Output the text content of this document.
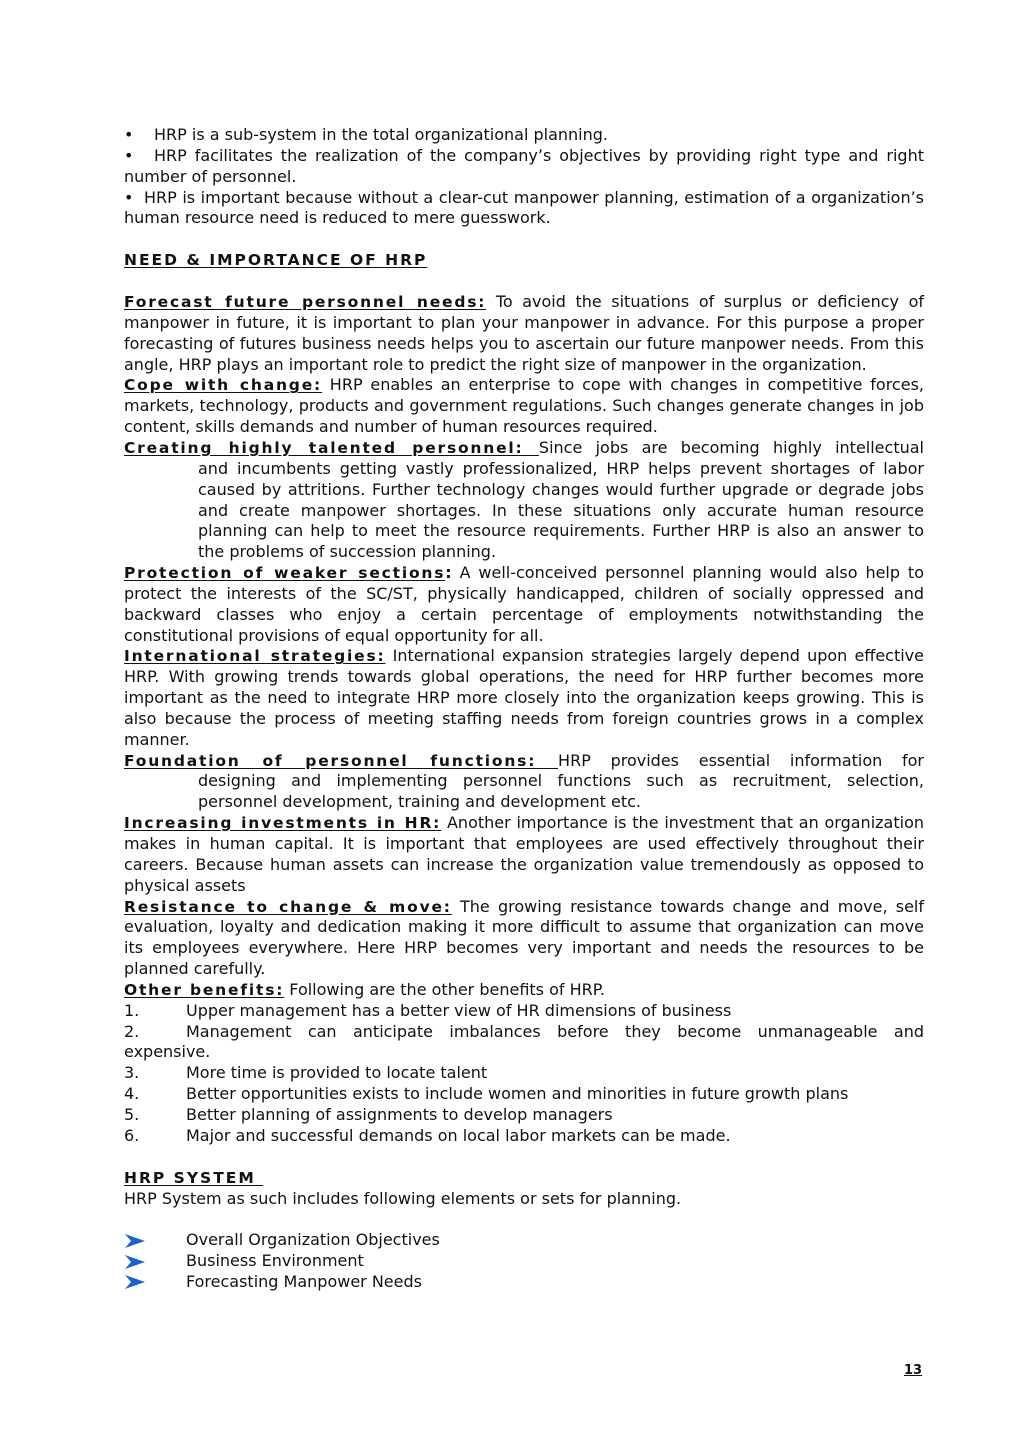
• HRP is a sub-system in the total organizational planning.

• HRP facilitates the realization of the company’s objectives by providing right type and right number of personnel.

• HRP is important because without a clear-cut manpower planning, estimation of a organization’s human resource need is reduced to mere guesswork.

NEED & IMPORTANCE OF HRP

Forecast future personnel needs: To avoid the situations of surplus or deficiency of manpower in future, it is important to plan your manpower in advance. For this purpose a proper forecasting of futures business needs helps you to ascertain our future manpower needs. From this angle, HRP plays an important role to predict the right size of manpower in the organization.

Cope with change: HRP enables an enterprise to cope with changes in competitive forces, markets, technology, products and government regulations. Such changes generate changes in job content, skills demands and number of human resources required.

Creating highly talented personnel: Since jobs are becoming highly intellectual

and incumbents getting vastly professionalized, HRP helps prevent shortages of labor caused by attritions. Further technology changes would further upgrade or degrade jobs and create manpower shortages. In these situations only accurate human resource planning can help to meet the resource requirements. Further HRP is also an answer to the problems of succession planning.

Protection of weaker sections: A well-conceived personnel planning would also help to protect the interests of the SC/ST, physically handicapped, children of socially oppressed and backward classes who enjoy a certain percentage of employments notwithstanding the constitutional provisions of equal opportunity for all.

International strategies: International expansion strategies largely depend upon effective HRP. With growing trends towards global operations, the need for HRP further becomes more important as the need to integrate HRP more closely into the organization keeps growing. This is also because the process of meeting staffing needs from foreign countries grows in a complex manner.

Foundation of personnel functions: HRP provides essential information for

designing and implementing personnel functions such as recruitment, selection, personnel development, training and development etc.

Increasing investments in HR: Another importance is the investment that an organization makes in human capital. It is important that employees are used effectively throughout their careers. Because human assets can increase the organization value tremendously as opposed to physical assets

Resistance to change & move: The growing resistance towards change and move, self evaluation, loyalty and dedication making it more difficult to assume that organization can move its employees everywhere. Here HRP becomes very important and needs the resources to be planned carefully.

Other benefits: Following are the other benefits of HRP.

1.	Upper management has a better view of HR dimensions of business

2.	Management can anticipate imbalances before they become unmanageable and expensive.

3.	More time is provided to locate talent
4.	Better opportunities exists to include women and minorities in future growth plans
5.	Better planning of assignments to develop managers
6.	Major and successful demands on local labor markets can be made.

HRP SYSTEM

HRP System as such includes following elements or sets for planning.

Overall Organization Objectives
Business Environment
Forecasting Manpower Needs
13
